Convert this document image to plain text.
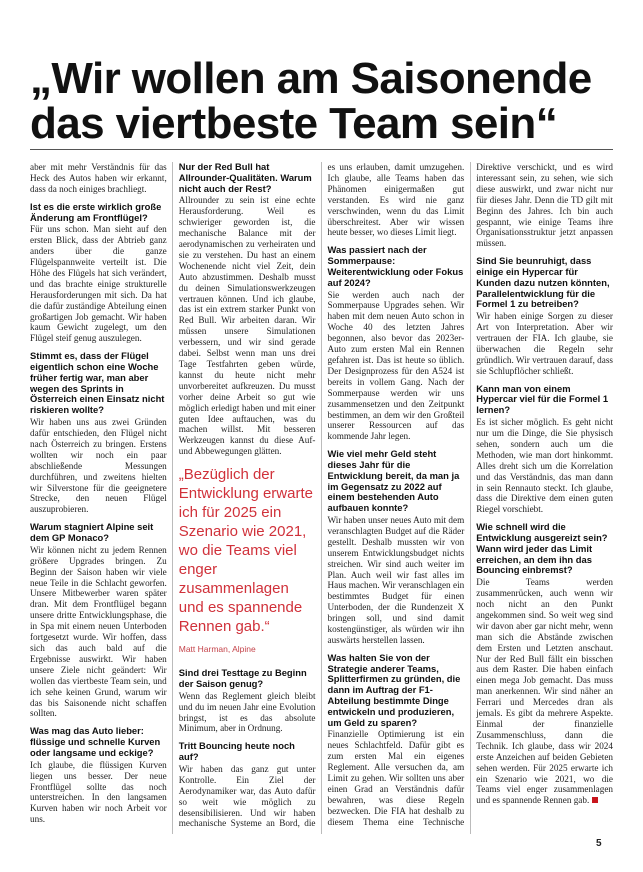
„Wir wollen am Saisonende das viertbeste Team sein“

aber mit mehr Verständnis für das Heck des Autos haben wir erkannt, dass da noch einiges brachliegt.

Ist es die erste wirklich große Änderung am Frontflügel?

Für uns schon. Man sieht auf den ersten Blick, dass der Abtrieb ganz anders über die ganze Flügelspannweite verteilt ist. Die Höhe des Flügels hat sich verändert, und das brachte einige strukturelle Herausforderungen mit sich. Da hat die dafür zuständige Abteilung einen großartigen Job gemacht. Wir haben kaum Gewicht zugelegt, um den Flügel steif genug auszulegen.

Stimmt es, dass der Flügel eigentlich schon eine Woche früher fertig war, man aber wegen des Sprints in Österreich einen Einsatz nicht riskieren wollte?

Wir haben uns aus zwei Gründen dafür entschieden, den Flügel nicht nach Österreich zu bringen. Erstens wollten wir noch ein paar abschließende Messungen durchführen, und zweitens hielten wir Silverstone für die geeignetere Strecke, den neuen Flügel auszuprobieren.

Warum stagniert Alpine seit dem GP Monaco?

Wir können nicht zu jedem Rennen größere Upgrades bringen. Zu Beginn der Saison haben wir viele neue Teile in die Schlacht geworfen. Unsere Mitbewerber waren später dran. Mit dem Frontflügel begann unsere dritte Entwicklungsphase, die in Spa mit einem neuen Unterboden fortgesetzt wurde. Wir hoffen, dass sich das auch bald auf die Ergebnisse auswirkt. Wir haben unsere Ziele nicht geändert: Wir wollen das viertbeste Team sein, und ich sehe keinen Grund, warum wir das bis Saisonende nicht schaffen sollten.

Was mag das Auto lieber: flüssige und schnelle Kurven oder langsame und eckige?

Ich glaube, die flüssigen Kurven liegen uns besser. Der neue Frontflügel sollte das noch unterstreichen. In den langsamen Kurven haben wir noch Arbeit vor uns.

Nur der Red Bull hat Allrounder-Qualitäten. Warum nicht auch der Rest?

Allrounder zu sein ist eine echte Herausforderung. Weil es schwieriger geworden ist, die mechanische Balance mit der aerodynamischen zu verheiraten und sie zu verstehen. Du hast an einem Wochenende nicht viel Zeit, dein Auto abzustimmen. Deshalb musst du deinen Simulationswerkzeugen vertrauen können. Und ich glaube, das ist ein extrem starker Punkt von Red Bull. Wir arbeiten daran. Wir müssen unsere Simulationen verbessern, und wir sind gerade dabei. Selbst wenn man uns drei Tage Testfahrten geben würde, kannst du heute nicht mehr unvorbereitet aufkreuzen. Du musst vorher deine Arbeit so gut wie möglich erledigt haben und mit einer guten Idee auftauchen, was du machen willst. Mit besseren Werkzeugen kannst du diese Auf- und Abbewegungen glätten.

„Bezüglich der Entwicklung erwarte ich für 2025 ein Szenario wie 2021, wo die Teams viel enger zusammenlagen und es spannende Rennen gab.“

Matt Harman, Alpine

Sind drei Testtage zu Beginn der Saison genug?

Wenn das Reglement gleich bleibt und du im neuen Jahr eine Evolution bringst, ist es das absolute Minimum, aber in Ordnung.

Tritt Bouncing heute noch auf?

Wir haben das ganz gut unter Kontrolle. Ein Ziel der Aerodynamiker war, das Auto dafür so weit wie möglich zu desensibilisieren. Und wir haben mechanische Systeme an Bord, die es uns erlauben, damit umzugehen. Ich glaube, alle Teams haben das Phänomen einigermaßen gut verstanden. Es wird nie ganz verschwinden, wenn du das Limit überschreitest. Aber wir wissen heute besser, wo dieses Limit liegt.

Was passiert nach der Sommerpause: Weiterentwicklung oder Fokus auf 2024?

Sie werden auch nach der Sommerpause Upgrades sehen. Wir haben mit dem neuen Auto schon in Woche 40 des letzten Jahres begonnen, also bevor das 2023er-Auto zum ersten Mal ein Rennen gefahren ist. Das ist heute so üblich. Der Designprozess für den A524 ist bereits in vollem Gang. Nach der Sommerpause werden wir uns zusammensetzen und den Zeitpunkt bestimmen, an dem wir den Großteil unserer Ressourcen auf das kommende Jahr legen.

Wie viel mehr Geld steht dieses Jahr für die Entwicklung bereit, da man ja im Gegensatz zu 2022 auf einem bestehenden Auto aufbauen konnte?

Wir haben unser neues Auto mit dem veranschlagten Budget auf die Räder gestellt. Deshalb mussten wir von unserem Entwicklungsbudget nichts streichen. Wir sind auch weiter im Plan. Auch weil wir fast alles im Haus machen. Wir veranschlagen ein bestimmtes Budget für einen Unterboden, der die Rundenzeit X bringen soll, und sind damit kostengünstiger, als würden wir ihn auswärts herstellen lassen.

Was halten Sie von der Strategie anderer Teams, Splitterfirmen zu gründen, die dann im Auftrag der F1-Abteilung bestimmte Dinge entwickeln und produzieren, um Geld zu sparen?

Finanzielle Optimierung ist ein neues Schlachtfeld. Dafür gibt es zum ersten Mal ein eigenes Reglement. Alle versuchen da, am Limit zu gehen. Wir sollten uns aber einen Grad an Verständnis dafür bewahren, was diese Regeln bezwecken. Die FIA hat deshalb zu diesem Thema eine Technische Direktive verschickt, und es wird interessant sein, zu sehen, wie sich diese auswirkt, und zwar nicht nur für dieses Jahr. Denn die TD gilt mit Beginn des Jahres. Ich bin auch gespannt, wie einige Teams ihre Organisationsstruktur jetzt anpassen müssen.

Sind Sie beunruhigt, dass einige ein Hypercar für Kunden dazu nutzen könnten, Parallelentwicklung für die Formel 1 zu betreiben?

Wir haben einige Sorgen zu dieser Art von Interpretation. Aber wir vertrauen der FIA. Ich glaube, sie überwachen die Regeln sehr gründlich. Wir vertrauen darauf, dass sie Schlupflöcher schließt.

Kann man von einem Hypercar viel für die Formel 1 lernen?

Es ist sicher möglich. Es geht nicht nur um die Dinge, die Sie physisch sehen, sondern auch um die Methoden, wie man dort hinkommt. Alles dreht sich um die Korrelation und das Verständnis, das man dann in sein Rennauto steckt. Ich glaube, dass die Direktive dem einen guten Riegel vorschiebt.

Wie schnell wird die Entwicklung ausgereizt sein? Wann wird jeder das Limit erreichen, an dem ihn das Bouncing einbremst?

Die Teams werden zusammenrücken, auch wenn wir noch nicht an den Punkt angekommen sind. So weit weg sind wir davon aber gar nicht mehr, wenn man sich die Abstände zwischen dem Ersten und Letzten anschaut. Nur der Red Bull fällt ein bisschen aus dem Raster. Die haben einfach einen mega Job gemacht. Das muss man anerkennen. Wir sind näher an Ferrari und Mercedes dran als jemals. Es gibt da mehrere Aspekte. Einmal der finanzielle Zusammenschluss, dann die Technik. Ich glaube, dass wir 2024 erste Anzeichen auf beiden Gebieten sehen werden. Für 2025 erwarte ich ein Szenario wie 2021, wo die Teams viel enger zusammenlagen und es spannende Rennen gab.

5
